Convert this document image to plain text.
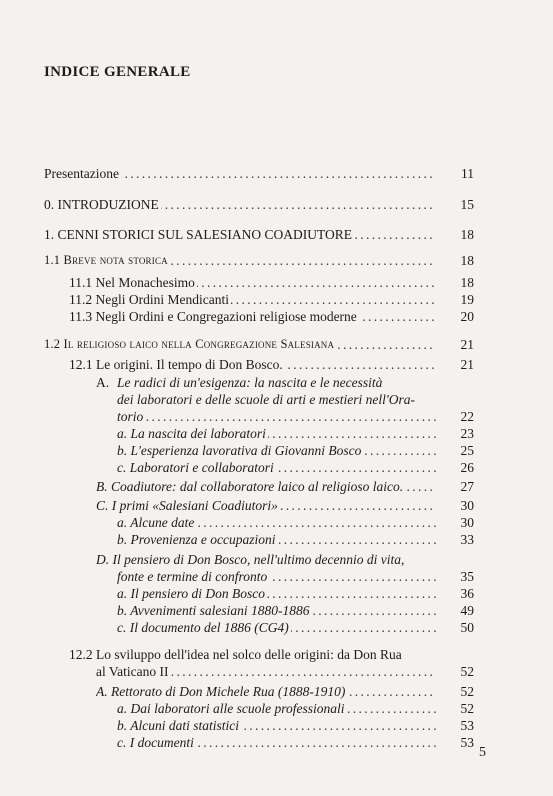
INDICE GENERALE
. . .
Presentazione	11
. . .
0. INTRODUZIONE	15
. . .
1. CENNI STORICI SUL SALESIANO COADIUTORE	18
. . .
1.1 Breve nota storica	18
. . .
11.1 Nel Monachesimo	18
. . .
11.2 Negli Ordini Mendicanti	19
. . .
11.3 Negli Ordini e Congregazioni religiose moderne	20
. . .
1.2 Il religioso laico nella Congregazione Salesiana	21
. . .
12.1 Le origini. Il tempo di Don Bosco.	21
A. Le radici di un'esigenza: la nascita e le necessità
dei laboratori e delle scuole di arti e mestieri nell'Ora-
. . .
torio	22
. . .
a. La nascita dei laboratori	23
. . .
b. L'esperienza lavorativa di Giovanni Bosco	25
. . .
c. Laboratori e collaboratori	26
. . .
B. Coadiutore: dal collaboratore laico al religioso laico.	27
. . .
C. I primi «Salesiani Coadiutori»	30
. . .
a. Alcune date	30
. . .
b. Provenienza e occupazioni	33
D. Il pensiero di Don Bosco, nell'ultimo decennio di vita,
. . .
fonte e termine di confronto	35
. . .
a. Il pensiero di Don Bosco	36
. . .
b. Avvenimenti salesiani 1880-1886	49
. . .
c. Il documento del 1886 (CG4)	50
12.2 Lo sviluppo dell'idea nel solco delle origini: da Don Rua
. . .
al Vaticano II	52
. . .
A. Rettorato di Don Michele Rua (1888-1910)	52
. . .
a. Dai laboratori alle scuole professionali	52
. . .
b. Alcuni dati statistici	53
. . .
c. I documenti	53
5
